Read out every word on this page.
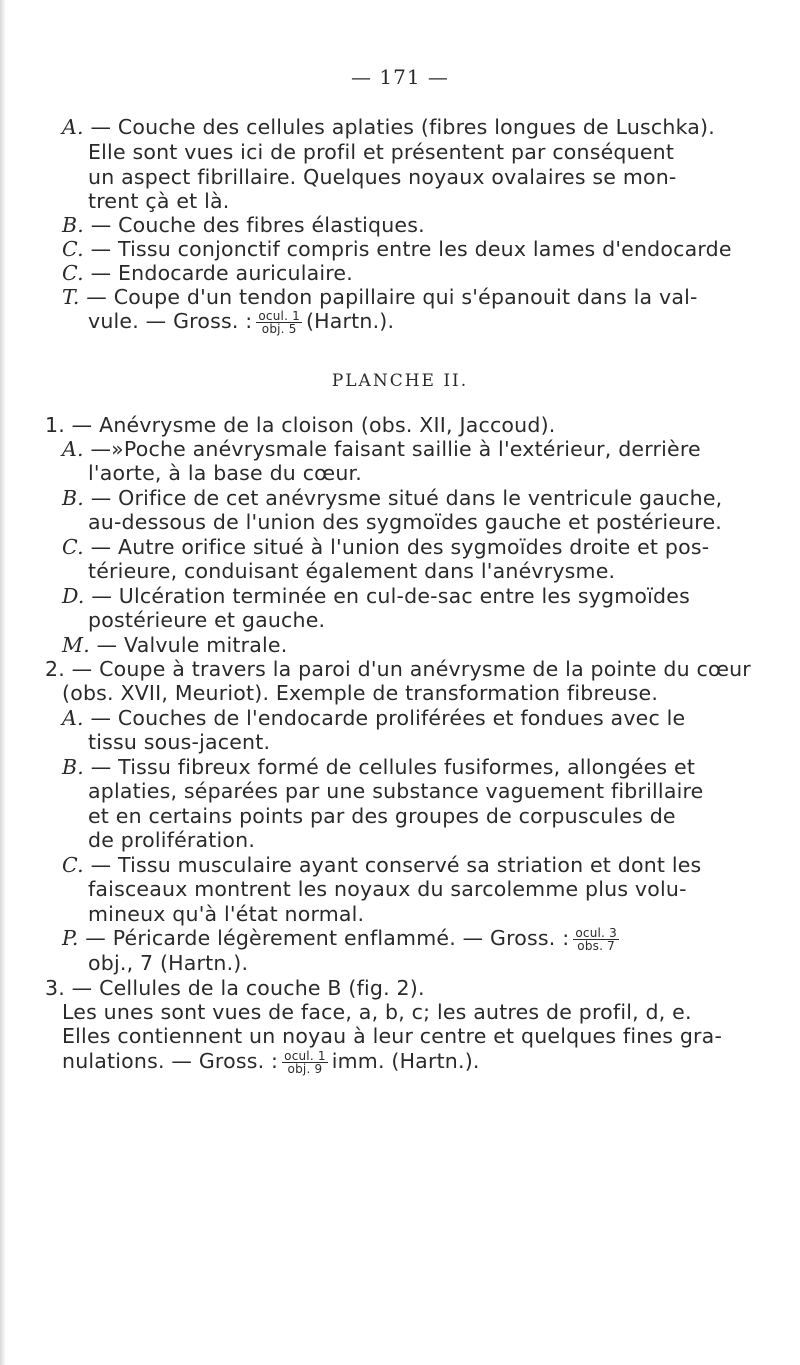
— 171 —

A. — Couche des cellules aplaties (fibres longues de Luschka).

Elle sont vues ici de profil et présentent par conséquent

un aspect fibrillaire. Quelques noyaux ovalaires se mon-

trent çà et là.

B. — Couche des fibres élastiques.

C. — Tissu conjonctif compris entre les deux lames d'endocarde

C. — Endocarde auriculaire.

T. — Coupe d'un tendon papillaire qui s'épanouit dans la val-

vule. — Gross. : $\frac{\text{ocul. 1}}{\text{obj. 5}}$ (Hartn.).

PLANCHE II.

1. — Anévrysme de la cloison (obs. XII, Jaccoud).

A. —»Poche anévrysmale faisant saillie à l'extérieur, derrière

l'aorte, à la base du cœur.

B. — Orifice de cet anévrysme situé dans le ventricule gauche,

au-dessous de l'union des sygmoïdes gauche et postérieure.

C. — Autre orifice situé à l'union des sygmoïdes droite et pos-

térieure, conduisant également dans l'anévrysme.

D. — Ulcération terminée en cul-de-sac entre les sygmoïdes

postérieure et gauche.

M. — Valvule mitrale.

2. — Coupe à travers la paroi d'un anévrysme de la pointe du cœur

(obs. XVII, Meuriot). Exemple de transformation fibreuse.

A. — Couches de l'endocarde proliférées et fondues avec le

tissu sous-jacent.

B. — Tissu fibreux formé de cellules fusiformes, allongées et

aplaties, séparées par une substance vaguement fibrillaire

et en certains points par des groupes de corpuscules de

de prolifération.

C. — Tissu musculaire ayant conservé sa striation et dont les

faisceaux montrent les noyaux du sarcolemme plus volu-

mineux qu'à l'état normal.

P. — Péricarde légèrement enflammé. — Gross. : $\frac{\text{ocul. 3}}{\text{obs. 7}}$

obj., 7 (Hartn.).

3. — Cellules de la couche B (fig. 2).

Les unes sont vues de face, a, b, c; les autres de profil, d, e.

Elles contiennent un noyau à leur centre et quelques fines gra-

nulations. — Gross. : $\frac{\text{ocul. 1}}{\text{obj. 9}}$ imm. (Hartn.).
